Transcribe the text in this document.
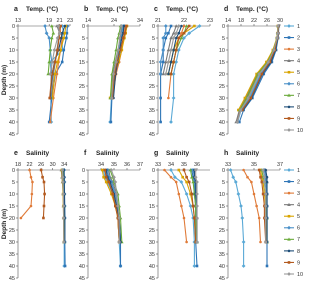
13	19 21 23
0
5
10
15
20
25
30
35
40
45
a Temp. (°C)
14	24	34
0
5
10
15
20
25
30
35
40
45
b Temp. (°C)
21	22	23
0
5
10
15
20
25
30
35
40
45
c Temp. (°C)
14 18 22 26 30
0
5
10
15
20
25
30
35
40
45
d Temp. (°C)
18 22 26 30 34
0
5
10
15
20
25
30
35
40
45
e Salinity
34 35 36 37
0
5
10
15
20
25
30
35
40
45
f Salinity
33 34 35 36
0
5
10
15
20
25
30
35
40
45
g Salinity
33	35	37
0
5
10
15
20
25
30
35
40
45
h Salinity
Depth (m)
Depth (m)
1
2
3
4
5
6
7
8
9
10
1
2
3
4
5
6
7
8
9
10
